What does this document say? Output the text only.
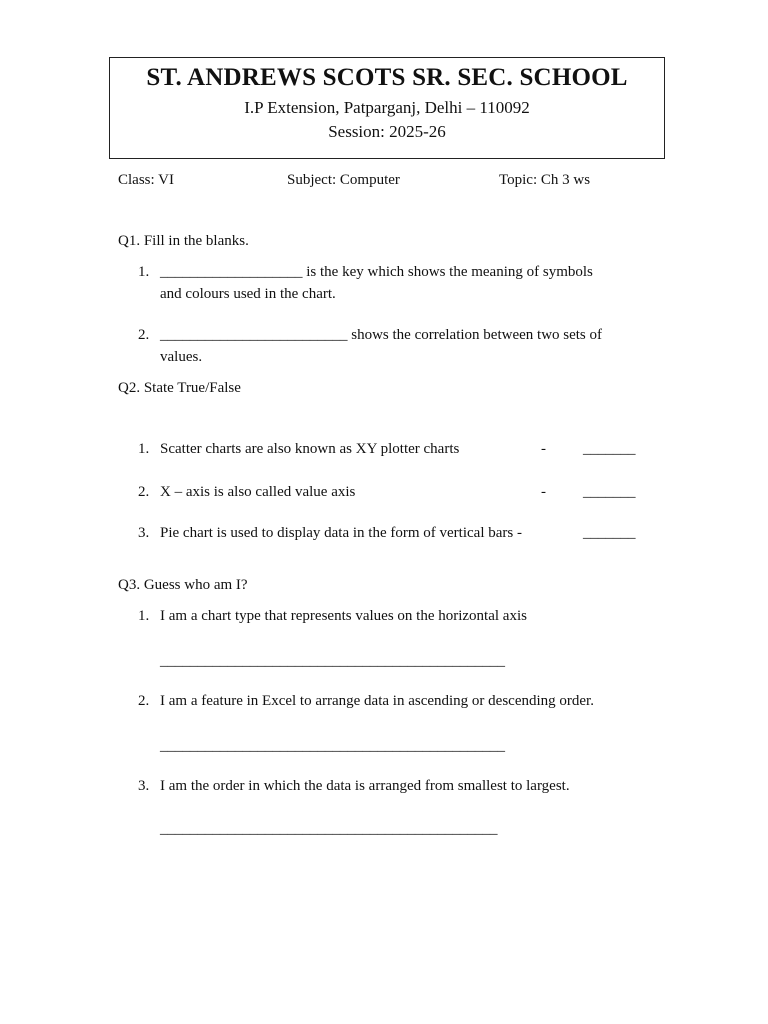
ST. ANDREWS SCOTS SR. SEC. SCHOOL
I.P Extension, Patparganj, Delhi – 110092
Session: 2025-26
Class: VI	Subject: Computer	Topic: Ch 3 ws
Q1. Fill in the blanks.
1. ___________________ is the key which shows the meaning of symbols
and colours used in the chart.
2. _________________________ shows the correlation between two sets of
values.
Q2. State True/False
1. Scatter charts are also known as XY plotter charts	- _______
2. X – axis is also called value axis	- _______
3. Pie chart is used to display data in the form of vertical bars -	_______
Q3. Guess who am I?
1. I am a chart type that represents values on the horizontal axis
______________________________________________
2. I am a feature in Excel to arrange data in ascending or descending order.
______________________________________________
3. I am the order in which the data is arranged from smallest to largest.
_____________________________________________
